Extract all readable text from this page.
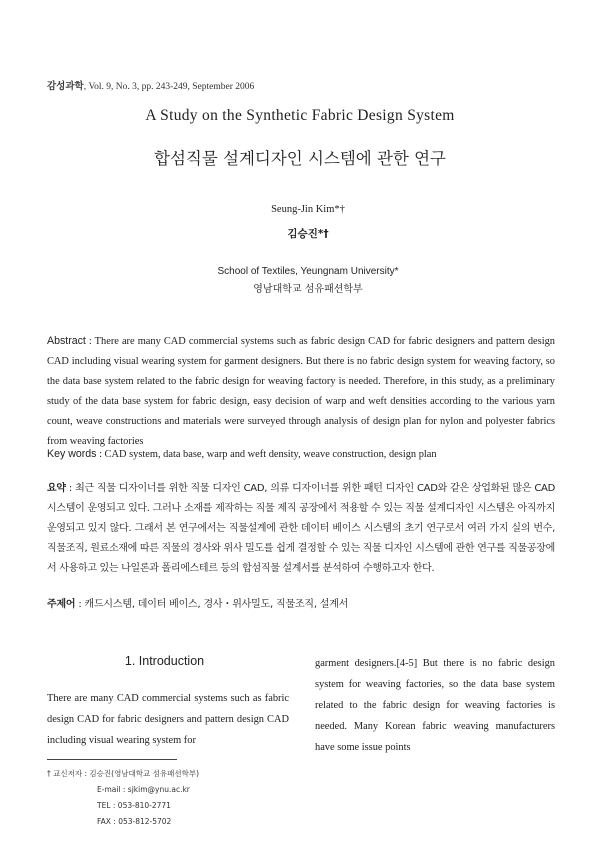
감성과학, Vol. 9, No. 3, pp. 243-249, September 2006
A Study on the Synthetic Fabric Design System
합섬직물 설계디자인 시스템에 관한 연구
Seung-Jin Kim*†
김승진*†
School of Textiles, Yeungnam University*
영남대학교 섬유패션학부
Abstract : There are many CAD commercial systems such as fabric design CAD for fabric designers and pattern design CAD including visual wearing system for garment designers. But there is no fabric design system for weaving factory, so the data base system related to the fabric design for weaving factory is needed. Therefore, in this study, as a preliminary study of the data base system for fabric design, easy decision of warp and weft densities according to the various yarn count, weave constructions and materials were surveyed through analysis of design plan for nylon and polyester fabrics from weaving factories
Key words : CAD system, data base, warp and weft density, weave construction, design plan
요약 : 최근 직물 디자이너를 위한 직물 디자인 CAD, 의류 디자이너를 위한 패턴 디자인 CAD와 같은 상업화된 많은 CAD 시스템이 운영되고 있다. 그러나 소재를 제작하는 직물 제직 공장에서 적용할 수 있는 직물 설계디자인 시스템은 아직까지 운영되고 있지 않다. 그래서 본 연구에서는 직물설계에 관한 데이터 베이스 시스템의 초기 연구로서 여러 가지 실의 번수, 직물조직, 원료소재에 따른 직물의 경사와 위사 밀도를 쉽게 결정할 수 있는 직물 디자인 시스템에 관한 연구를 직물공장에서 사용하고 있는 나일론과 폴리에스테르 등의 합섬직물 설계서를 분석하여 수행하고자 한다.
주제어 : 캐드시스템, 데이터 베이스, 경사・위사밀도, 직물조직, 설계서
1. Introduction
There are many CAD commercial systems such as fabric design CAD for fabric designers and pattern design CAD including visual wearing system for
garment designers.[4-5] But there is no fabric design system for weaving factories, so the data base system related to the fabric design for weaving factories is needed. Many Korean fabric weaving manufacturers have some issue points
† 교신저자 : 김승진(영남대학교 섬유패션학부)
E-mail : sjkim@ynu.ac.kr
TEL : 053-810-2771
FAX : 053-812-5702
